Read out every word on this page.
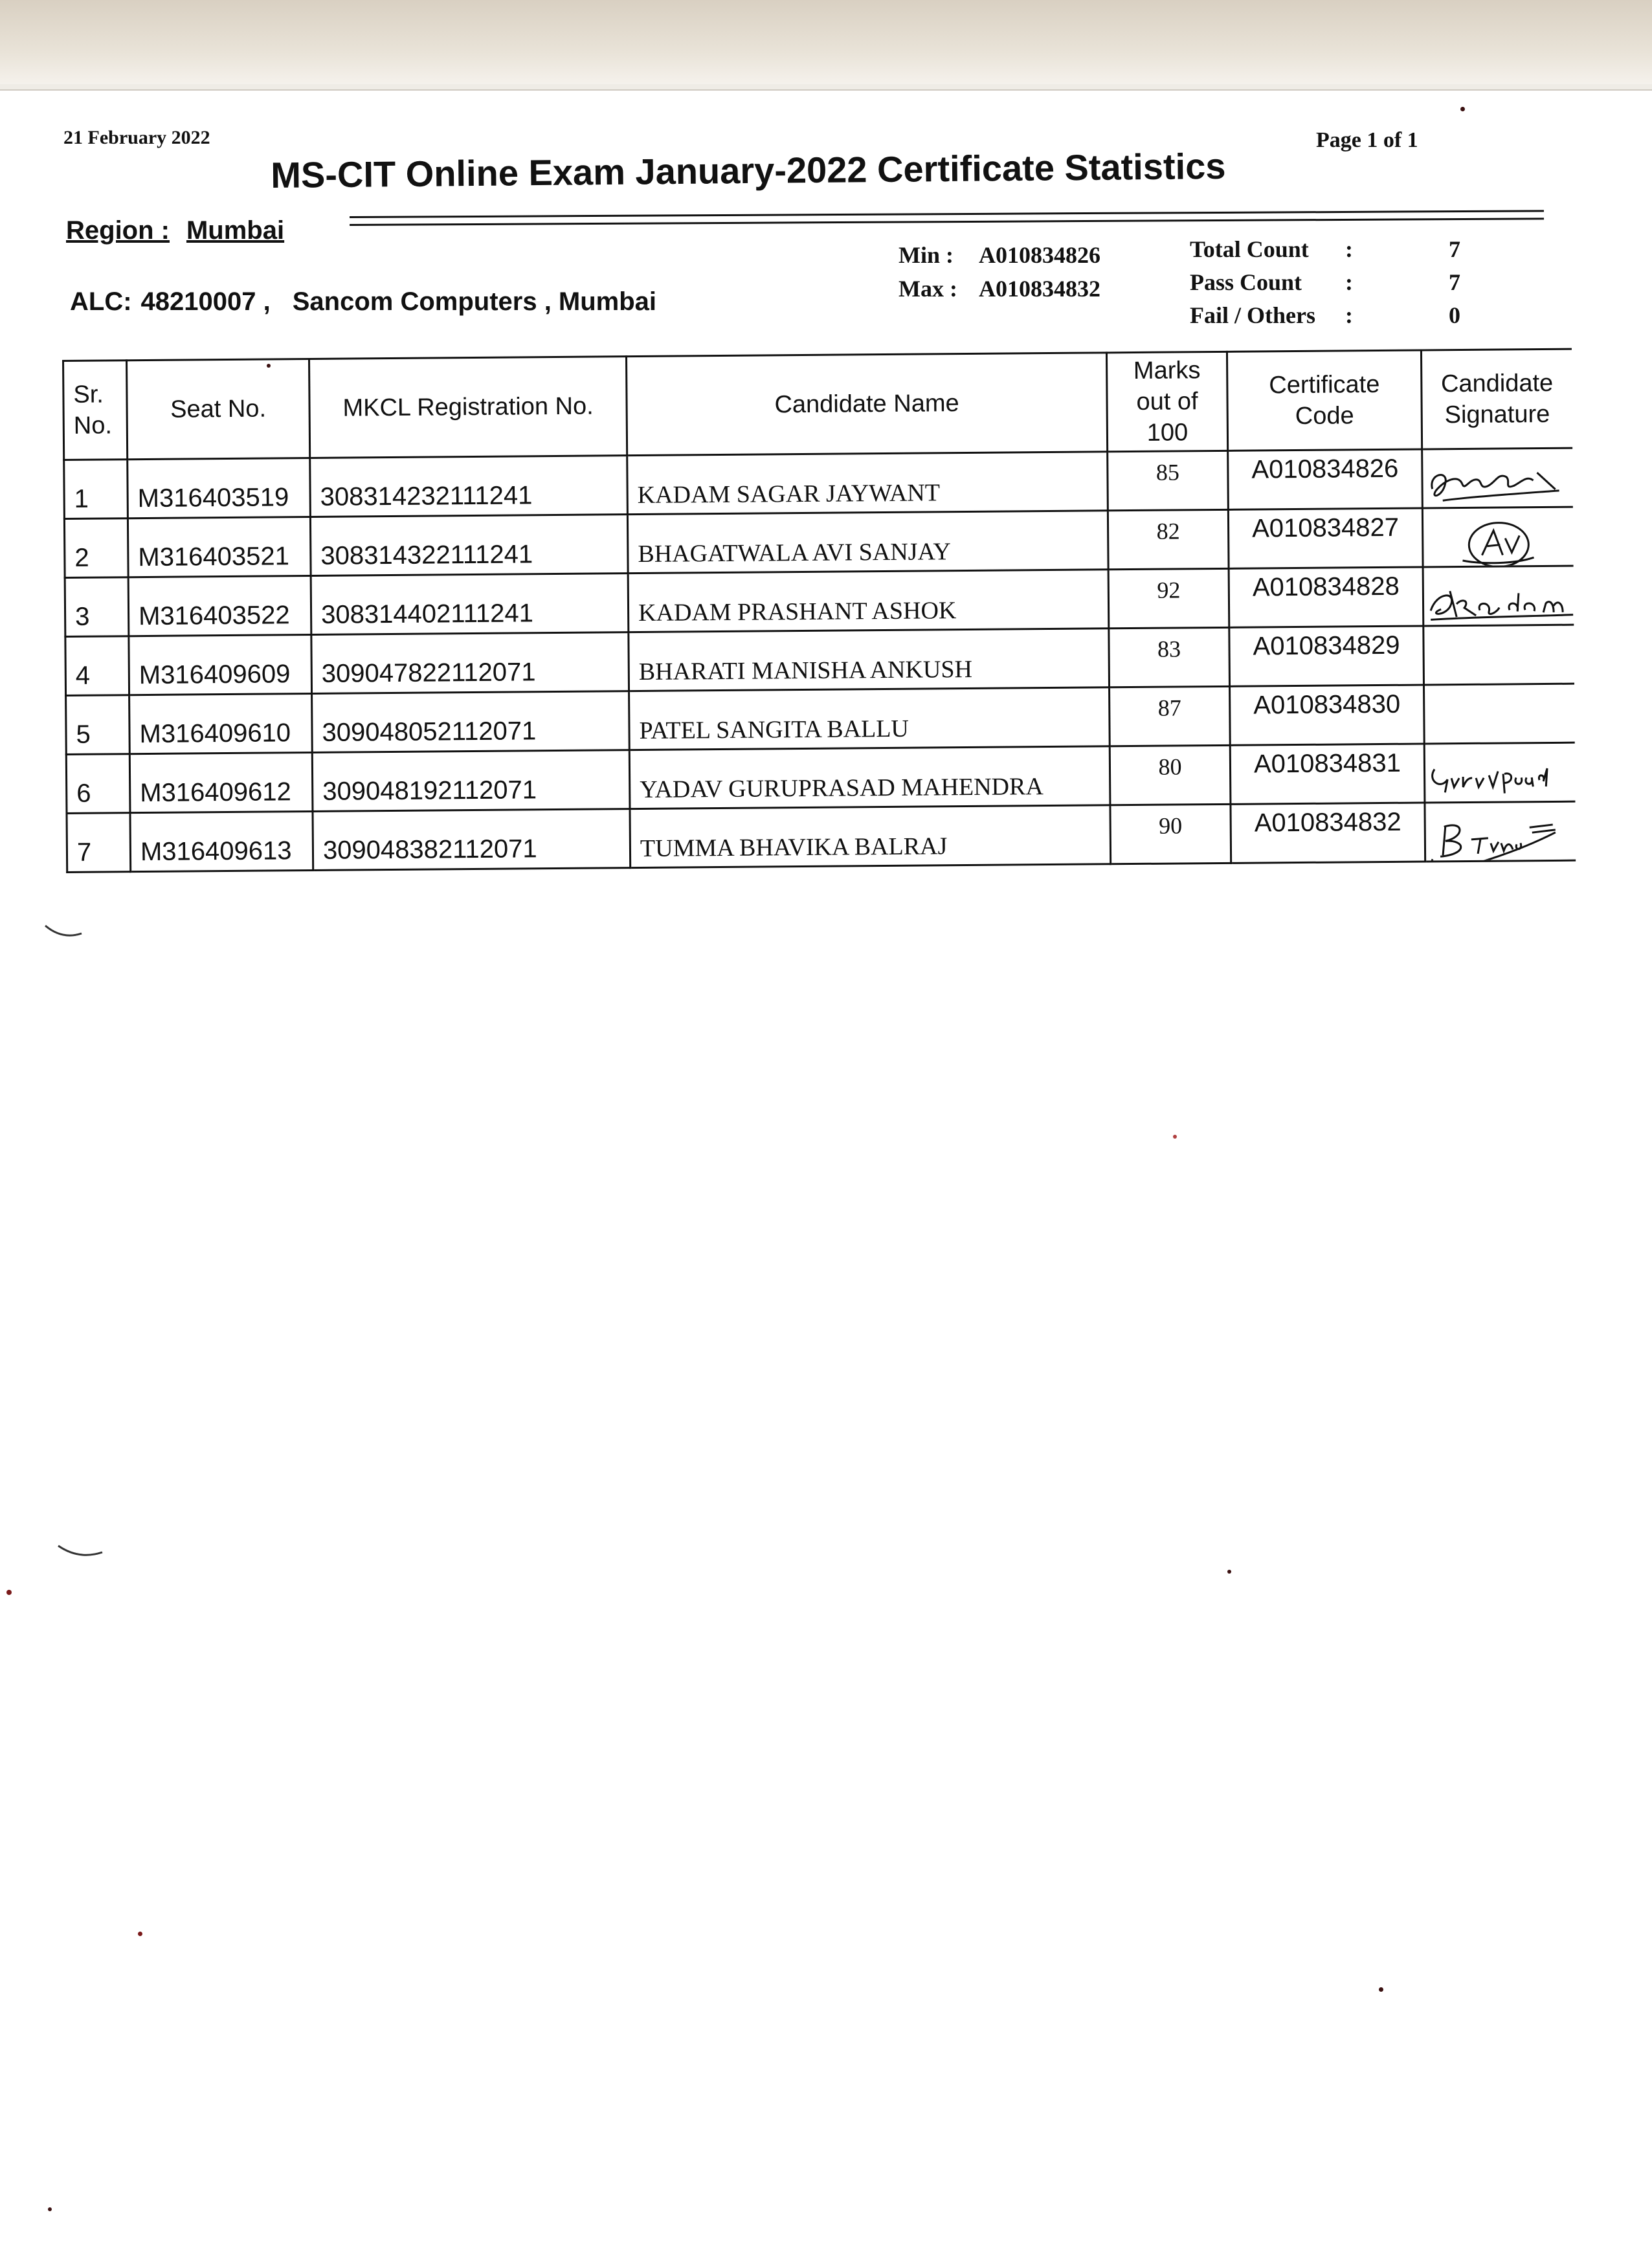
21 February 2022	Page 1 of 1
MS-CIT Online Exam January-2022 Certificate Statistics
Region : Mumbai
ALC: 48210007 , Sancom Computers , Mumbai
Min : A010834826
Max : A010834832
Total Count :	7
Pass Count :	7
Fail / Others :	0
Sr. No.	Seat No.	MKCL Registration No.	Candidate Name	Marks out of 100	Certificate Code	Candidate Signature
1	M316403519	308314232111241	KADAM SAGAR JAYWANT	85	A010834826	

2	M316403521	308314322111241	BHAGATWALA AVI SANJAY	82	A010834827	

3	M316403522	308314402111241	KADAM PRASHANT ASHOK	92	A010834828	

4	M316409609	309047822112071	BHARATI MANISHA ANKUSH	83	A010834829	
5	M316409610	309048052112071	PATEL SANGITA BALLU	87	A010834830	
6	M316409612	309048192112071	YADAV GURUPRASAD MAHENDRA	80	A010834831	

7	M316409613	309048382112071	TUMMA BHAVIKA BALRAJ	90	A010834832	
